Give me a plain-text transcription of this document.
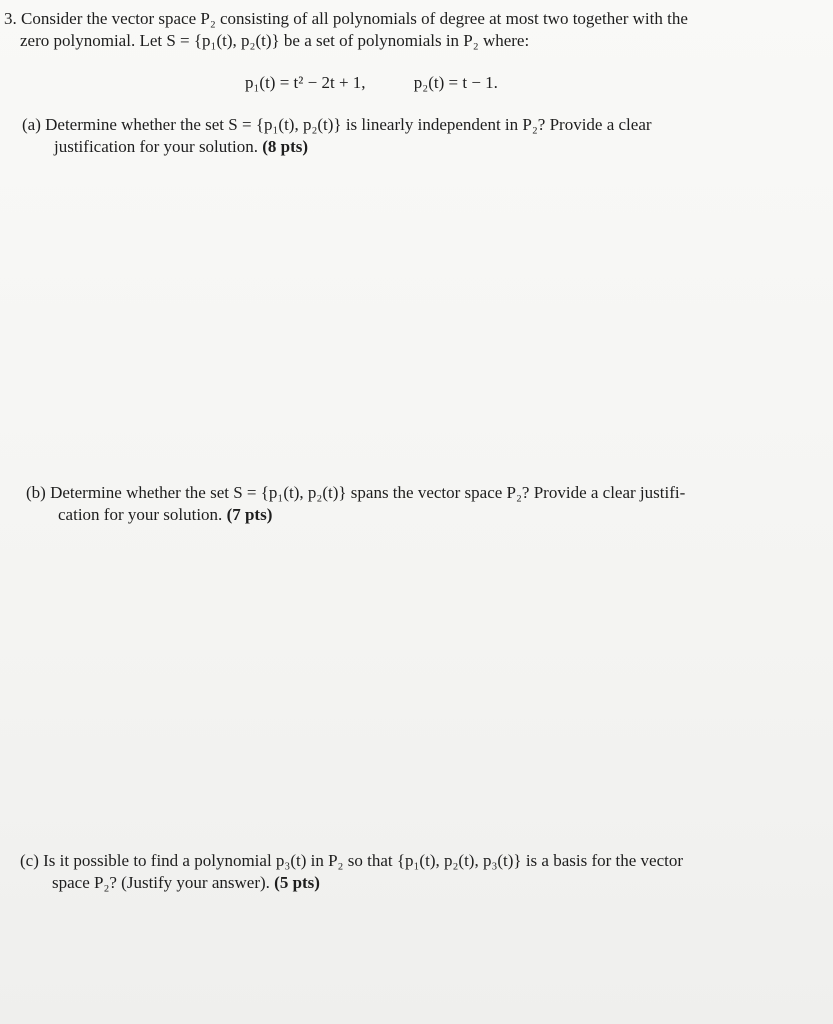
3. Consider the vector space P₂ consisting of all polynomials of degree at most two together with the
zero polynomial. Let S = {p₁(t), p₂(t)} be a set of polynomials in P₂ where:
p₁(t) = t² − 2t + 1,	p₂(t) = t − 1.
(a) Determine whether the set S = {p₁(t), p₂(t)} is linearly independent in P₂? Provide a clear
justification for your solution. (8 pts)
(b) Determine whether the set S = {p₁(t), p₂(t)} spans the vector space P₂? Provide a clear justifi-
cation for your solution. (7 pts)
(c) Is it possible to find a polynomial p₃(t) in P₂ so that {p₁(t), p₂(t), p₃(t)} is a basis for the vector
space P₂? (Justify your answer). (5 pts)
